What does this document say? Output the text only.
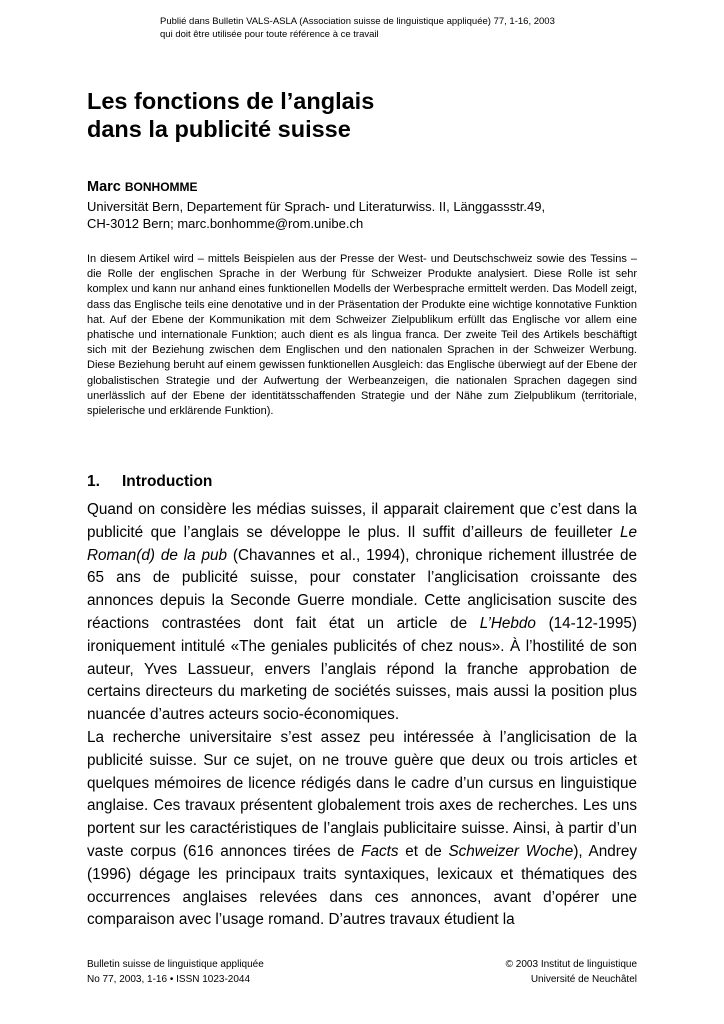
Publié dans Bulletin VALS-ASLA (Association suisse de linguistique appliquée) 77, 1-16, 2003
qui doit être utilisée pour toute référence à ce travail
Les fonctions de l’anglais
dans la publicité suisse
Marc BONHOMME
Universität Bern, Departement für Sprach- und Literaturwiss. II, Länggassstr.49,
CH-3012 Bern; marc.bonhomme@rom.unibe.ch
In diesem Artikel wird – mittels Beispielen aus der Presse der West- und Deutschschweiz sowie des Tessins – die Rolle der englischen Sprache in der Werbung für Schweizer Produkte analysiert. Diese Rolle ist sehr komplex und kann nur anhand eines funktionellen Modells der Werbesprache ermittelt werden. Das Modell zeigt, dass das Englische teils eine denotative und in der Präsentation der Produkte eine wichtige konnotative Funktion hat. Auf der Ebene der Kommunikation mit dem Schweizer Zielpublikum erfüllt das Englische vor allem eine phatische und internationale Funktion; auch dient es als lingua franca. Der zweite Teil des Artikels beschäftigt sich mit der Beziehung zwischen dem Englischen und den nationalen Sprachen in der Schweizer Werbung. Diese Beziehung beruht auf einem gewissen funktionellen Ausgleich: das Englische überwiegt auf der Ebene der globalistischen Strategie und der Aufwertung der Werbeanzeigen, die nationalen Sprachen dagegen sind unerlässlich auf der Ebene der identitätsschaffenden Strategie und der Nähe zum Zielpublikum (territoriale, spielerische und erklärende Funktion).
1. Introduction

Quand on considère les médias suisses, il apparait clairement que c’est dans la publicité que l’anglais se développe le plus. Il suffit d’ailleurs de feuilleter Le Roman(d) de la pub (Chavannes et al., 1994), chronique richement illustrée de 65 ans de publicité suisse, pour constater l’anglicisation croissante des annonces depuis la Seconde Guerre mondiale. Cette anglicisation suscite des réactions contrastées dont fait état un article de L’Hebdo (14-12-1995) ironiquement intitulé «The geniales publicités of chez nous». À l’hostilité de son auteur, Yves Lassueur, envers l’anglais répond la franche approbation de certains directeurs du marketing de sociétés suisses, mais aussi la position plus nuancée d’autres acteurs socio-économiques.

La recherche universitaire s’est assez peu intéressée à l’anglicisation de la publicité suisse. Sur ce sujet, on ne trouve guère que deux ou trois articles et quelques mémoires de licence rédigés dans le cadre d’un cursus en linguistique anglaise. Ces travaux présentent globalement trois axes de recherches. Les uns portent sur les caractéristiques de l’anglais publicitaire suisse. Ainsi, à partir d’un vaste corpus (616 annonces tirées de Facts et de Schweizer Woche), Andrey (1996) dégage les principaux traits syntaxiques, lexicaux et thématiques des occurrences anglaises relevées dans ces annonces, avant d’opérer une comparaison avec l’usage romand. D’autres travaux étudient la

Bulletin suisse de linguistique appliquée
No 77, 2003, 1-16 • ISSN 1023-2044
© 2003 Institut de linguistique
Université de Neuchâtel
